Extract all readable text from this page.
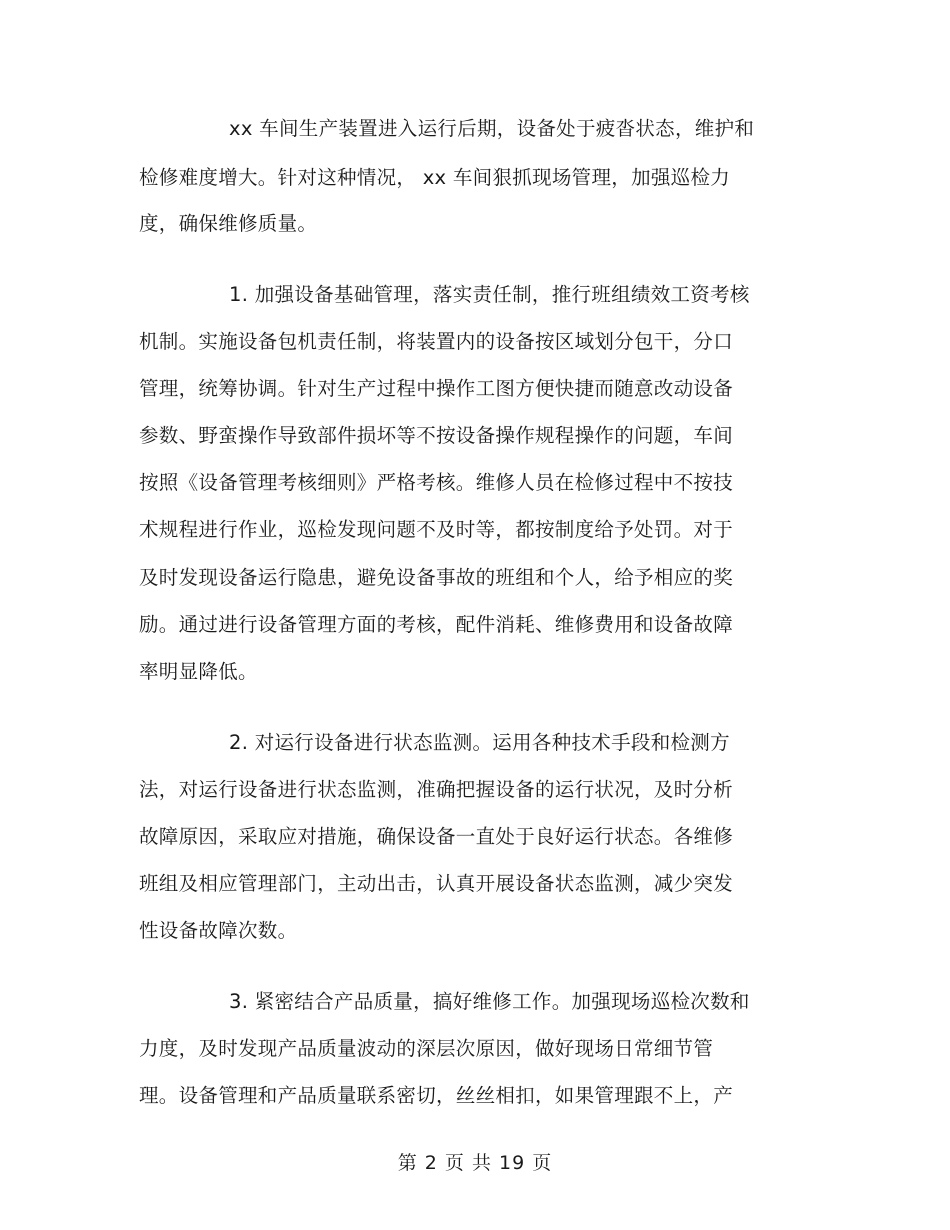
xx 车间生产装置进入运行后期，设备处于疲沓状态，维护和
检修难度增大。针对这种情况， xx 车间狠抓现场管理，加强巡检力
度，确保维修质量。
1. 加强设备基础管理，落实责任制，推行班组绩效工资考核
机制。实施设备包机责任制，将装置内的设备按区域划分包干，分口
管理，统筹协调。针对生产过程中操作工图方便快捷而随意改动设备
参数、野蛮操作导致部件损坏等不按设备操作规程操作的问题，车间
按照《设备管理考核细则》严格考核。维修人员在检修过程中不按技
术规程进行作业，巡检发现问题不及时等，都按制度给予处罚。对于
及时发现设备运行隐患，避免设备事故的班组和个人，给予相应的奖
励。通过进行设备管理方面的考核，配件消耗、维修费用和设备故障
率明显降低。
2. 对运行设备进行状态监测。运用各种技术手段和检测方
法，对运行设备进行状态监测，准确把握设备的运行状况，及时分析
故障原因，采取应对措施，确保设备一直处于良好运行状态。各维修
班组及相应管理部门，主动出击，认真开展设备状态监测，减少突发
性设备故障次数。
3. 紧密结合产品质量，搞好维修工作。加强现场巡检次数和
力度，及时发现产品质量波动的深层次原因，做好现场日常细节管
理。设备管理和产品质量联系密切，丝丝相扣，如果管理跟不上，产
第 2 页 共 19 页
